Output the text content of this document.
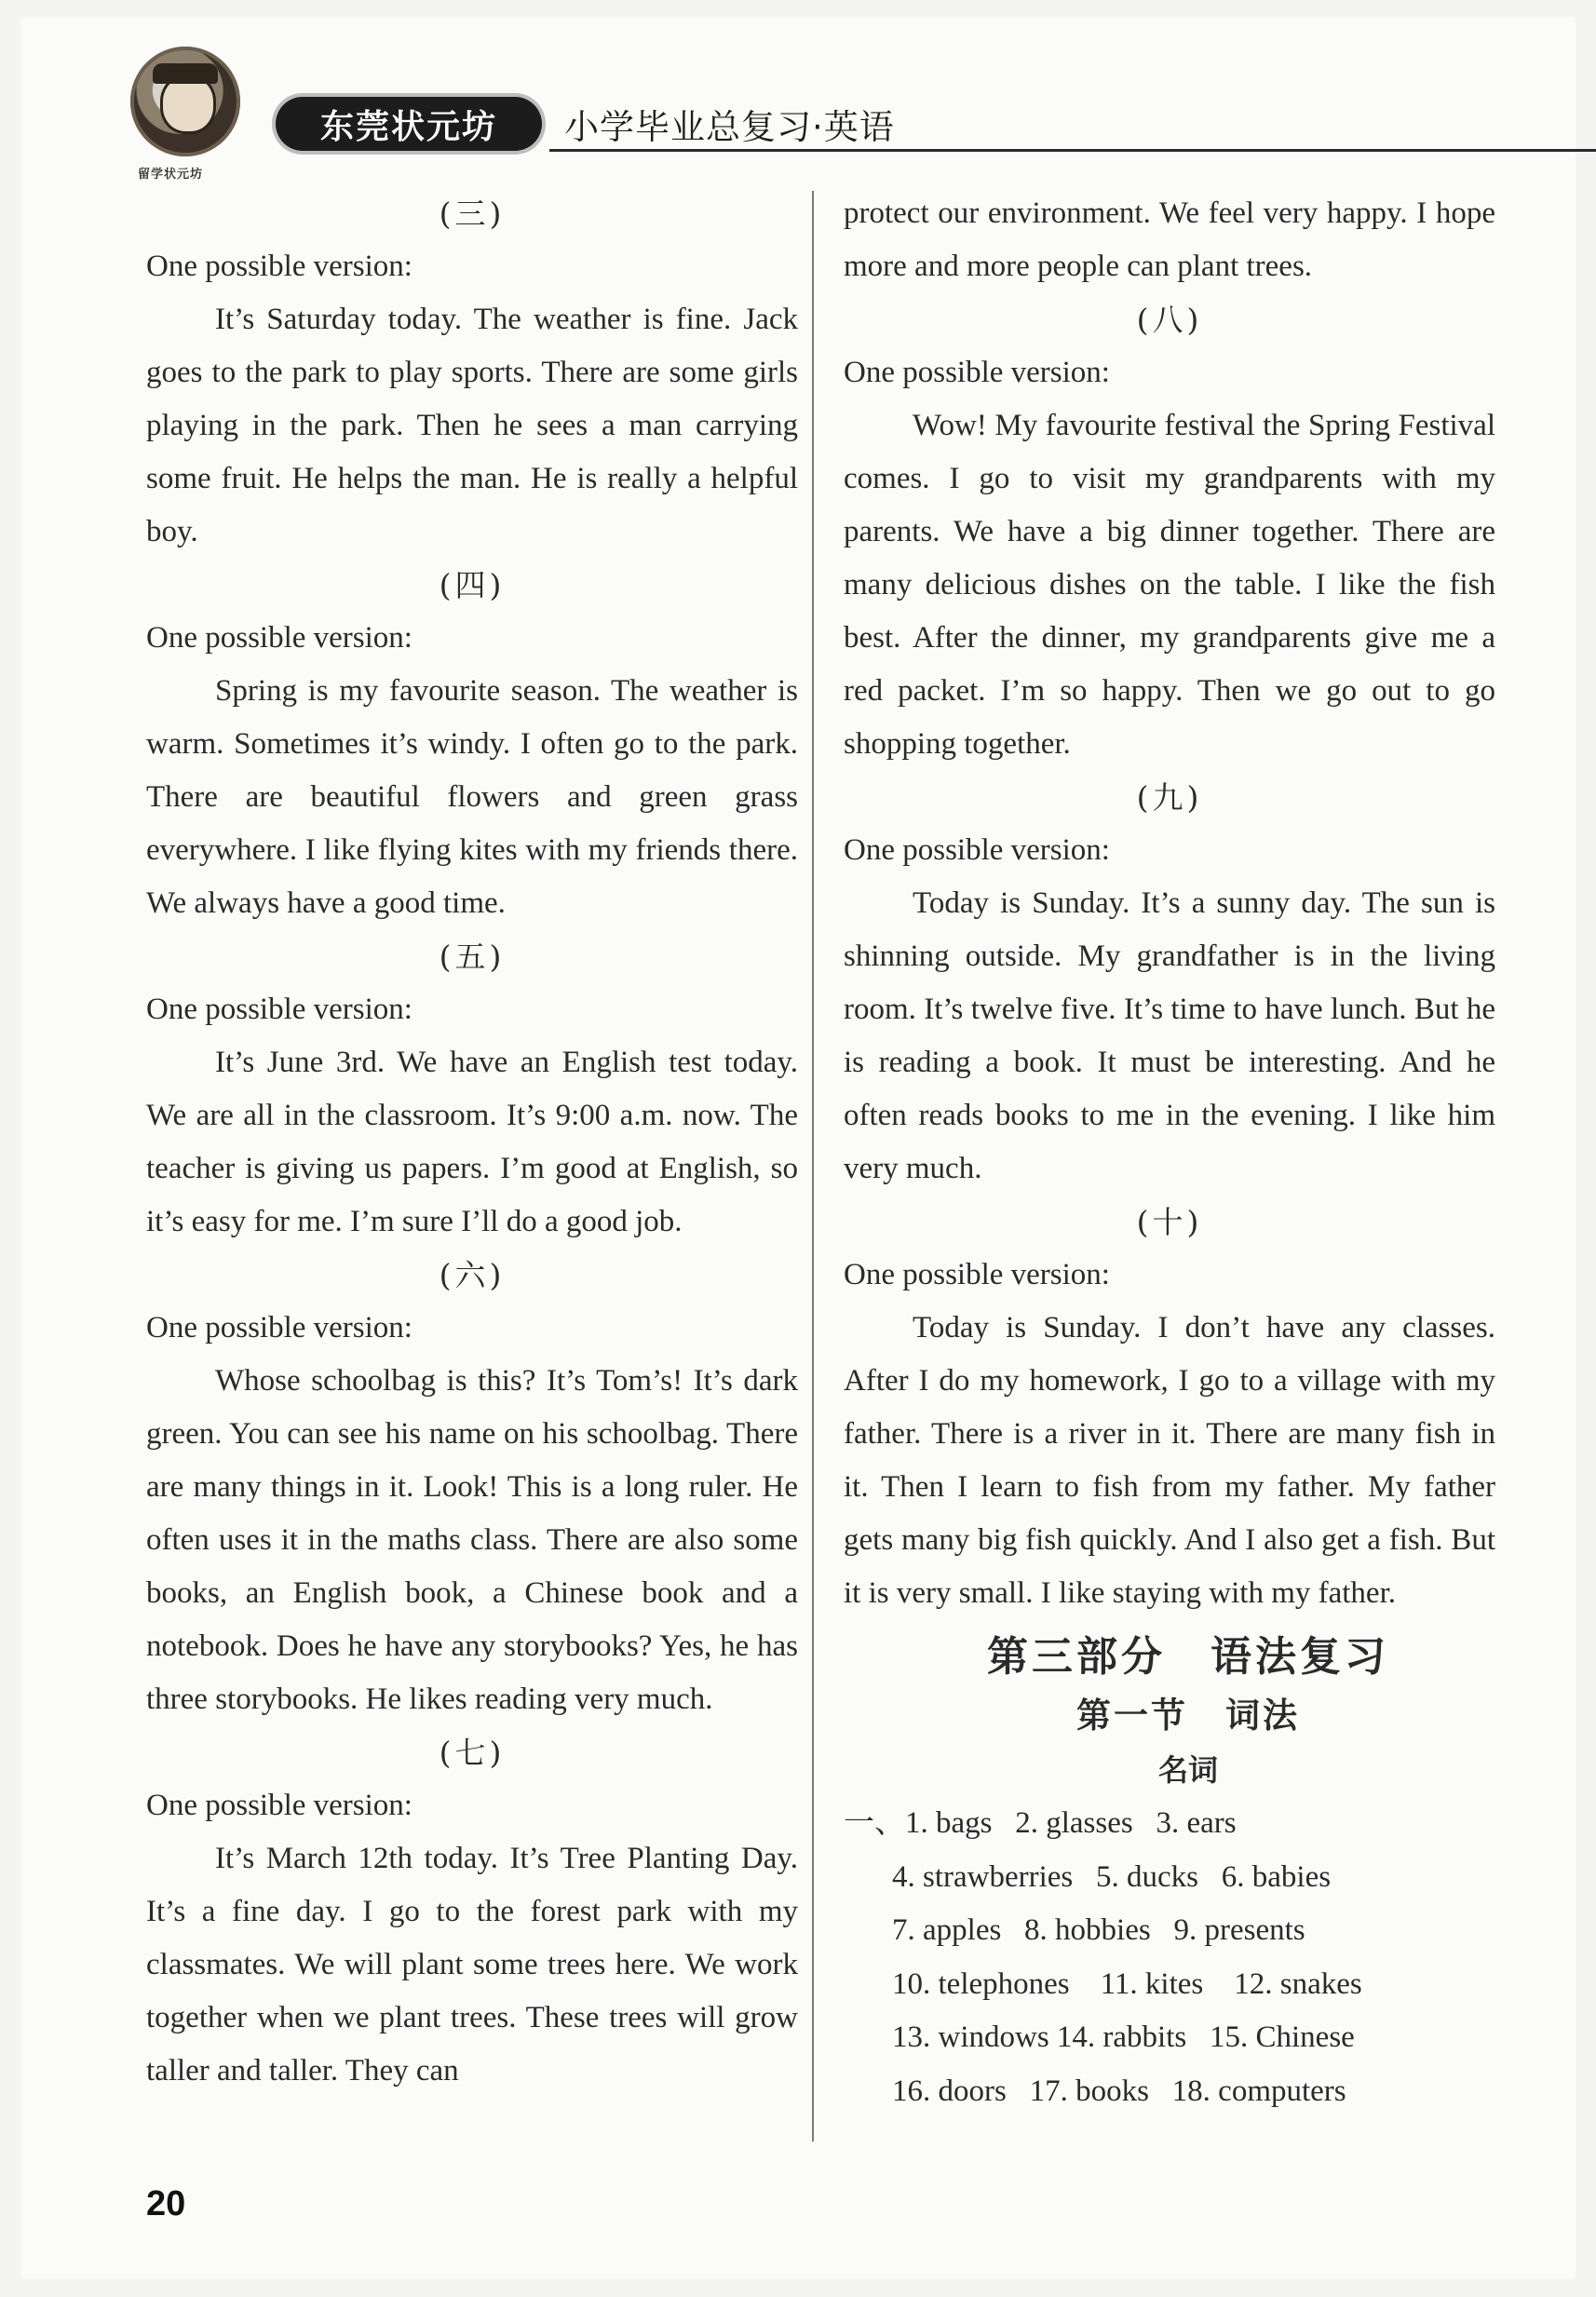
留学状元坊
东莞状元坊	小学毕业总复习·英语
(三)
One possible version:
It’s Saturday today. The weather is fine. Jack goes to the park to play sports. There are some girls playing in the park. Then he sees a man carrying some fruit. He helps the man. He is really a helpful boy.
(四)
One possible version:
Spring is my favourite season. The weather is warm. Sometimes it’s windy. I often go to the park. There are beautiful flowers and green grass everywhere. I like flying kites with my friends there. We always have a good time.
(五)
One possible version:
It’s June 3rd. We have an English test today. We are all in the classroom. It’s 9:00 a.m. now. The teacher is giving us papers. I’m good at English, so it’s easy for me. I’m sure I’ll do a good job.
(六)
One possible version:
Whose schoolbag is this? It’s Tom’s! It’s dark green. You can see his name on his schoolbag. There are many things in it. Look! This is a long ruler. He often uses it in the maths class. There are also some books, an English book, a Chinese book and a notebook. Does he have any storybooks? Yes, he has three storybooks. He likes reading very much.
(七)
One possible version:
It’s March 12th today. It’s Tree Planting Day. It’s a fine day. I go to the forest park with my classmates. We will plant some trees here. We work together when we plant trees. These trees will grow taller and taller. They can
protect our environment. We feel very happy. I hope more and more people can plant trees.
(八)
One possible version:
Wow! My favourite festival the Spring Festival comes. I go to visit my grandparents with my parents. We have a big dinner together. There are many delicious dishes on the table. I like the fish best. After the dinner, my grandparents give me a red packet. I’m so happy. Then we go out to go shopping together.
(九)
One possible version:
Today is Sunday. It’s a sunny day. The sun is shinning outside. My grandfather is in the living room. It’s twelve five. It’s time to have lunch. But he is reading a book. It must be interesting. And he often reads books to me in the evening. I like him very much.
(十)
One possible version:
Today is Sunday. I don’t have any classes. After I do my homework, I go to a village with my father. There is a river in it. There are many fish in it. Then I learn to fish from my father. My father gets many big fish quickly. And I also get a fish. But it is very small. I like staying with my father.
第三部分　语法复习
第一节　词法
名词
一、1. bags   2. glasses   3. ears
4. strawberries   5. ducks   6. babies
7. apples   8. hobbies   9. presents
10. telephones    11. kites    12. snakes
13. windows 14. rabbits   15. Chinese
16. doors   17. books   18. computers
20
